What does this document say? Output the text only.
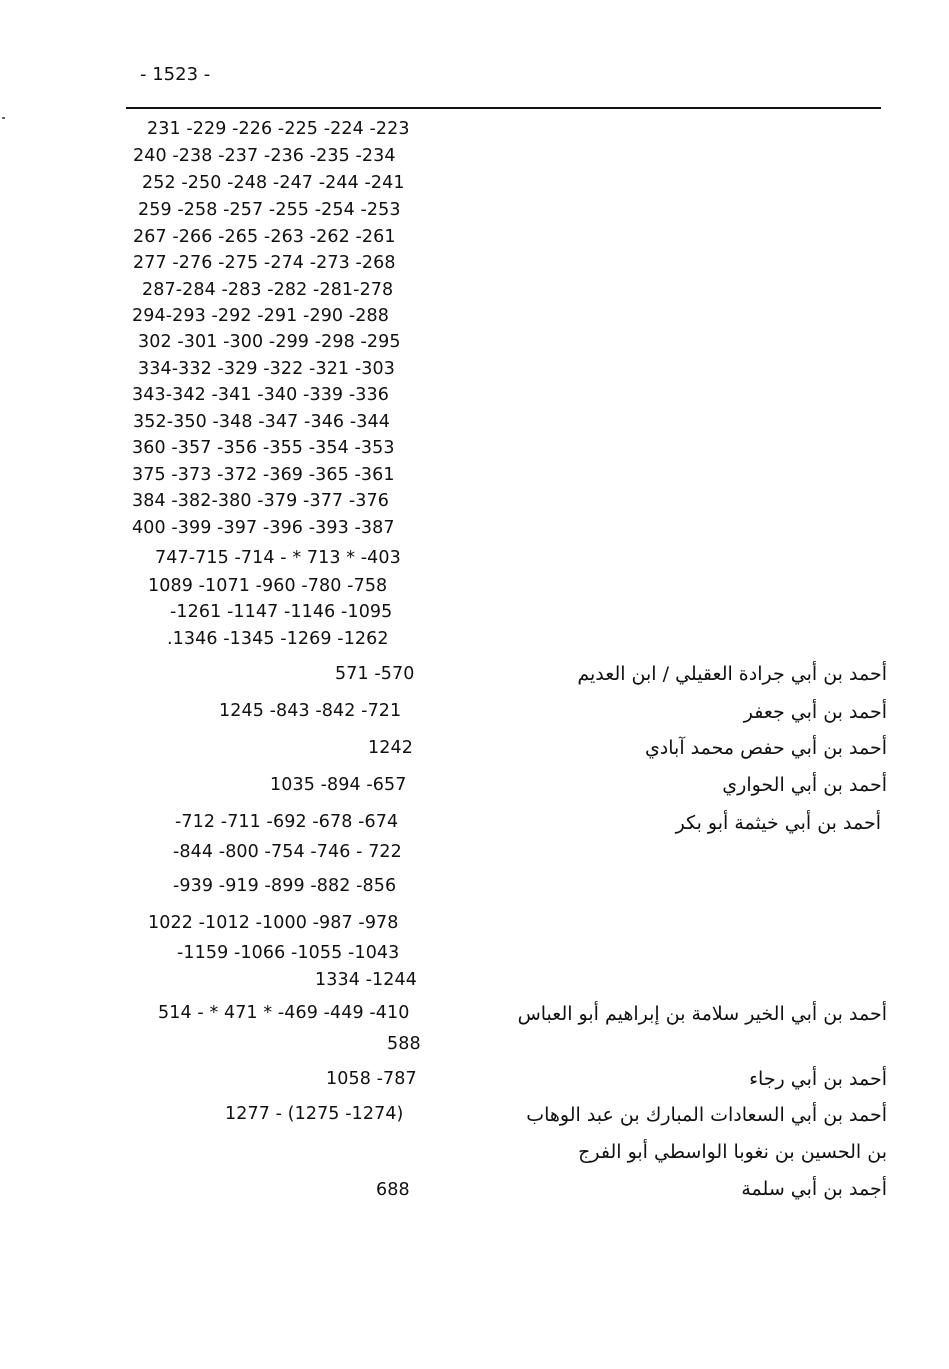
- 1523 -
231 -229 -226 -225 -224 -223
240 -238 -237 -236 -235 -234
252 -250 -248 -247 -244 -241
259 -258 -257 -255 -254 -253
267 -266 -265 -263 -262 -261
277 -276 -275 -274 -273 -268
287-284 -283 -282 -281-278
294-293 -292 -291 -290 -288
302 -301 -300 -299 -298 -295
334-332 -329 -322 -321 -303
343-342 -341 -340 -339 -336
352-350 -348 -347 -346 -344
360 -357 -356 -355 -354 -353
375 -373 -372 -369 -365 -361
384 -382-380 -379 -377 -376
400 -399 -397 -396 -393 -387
747-715 -714 - * 713 * -403
1089 -1071 -960 -780 -758
-1261 -1147 -1146 -1095
.1346 -1345 -1269 -1262
أحمد بن أبي جرادة العقيلي / ابن العديم
571 -570
أحمد بن أبي جعفر
1245 -843 -842 -721
أحمد بن أبي حفص محمد آبادي
1242
أحمد بن أبي الحواري
1035 -894 -657
أحمد بن أبي خيثمة أبو بكر
-712 -711 -692 -678 -674
-844 -800 -754 -746 - 722
-939 -919 -899 -882 -856
1022 -1012 -1000 -987 -978
-1159 -1066 -1055 -1043
1334 -1244
أحمد بن أبي الخير سلامة بن إبراهيم أبو العباس
514 - * 471 * -469 -449 -410
588
أحمد بن أبي رجاء
1058 -787
أحمد بن أبي السعادات المبارك بن عبد الوهاب
بن الحسين بن نغوبا الواسطي أبو الفرج
1277 - (1275 -1274)
أجمد بن أبي سلمة
688
